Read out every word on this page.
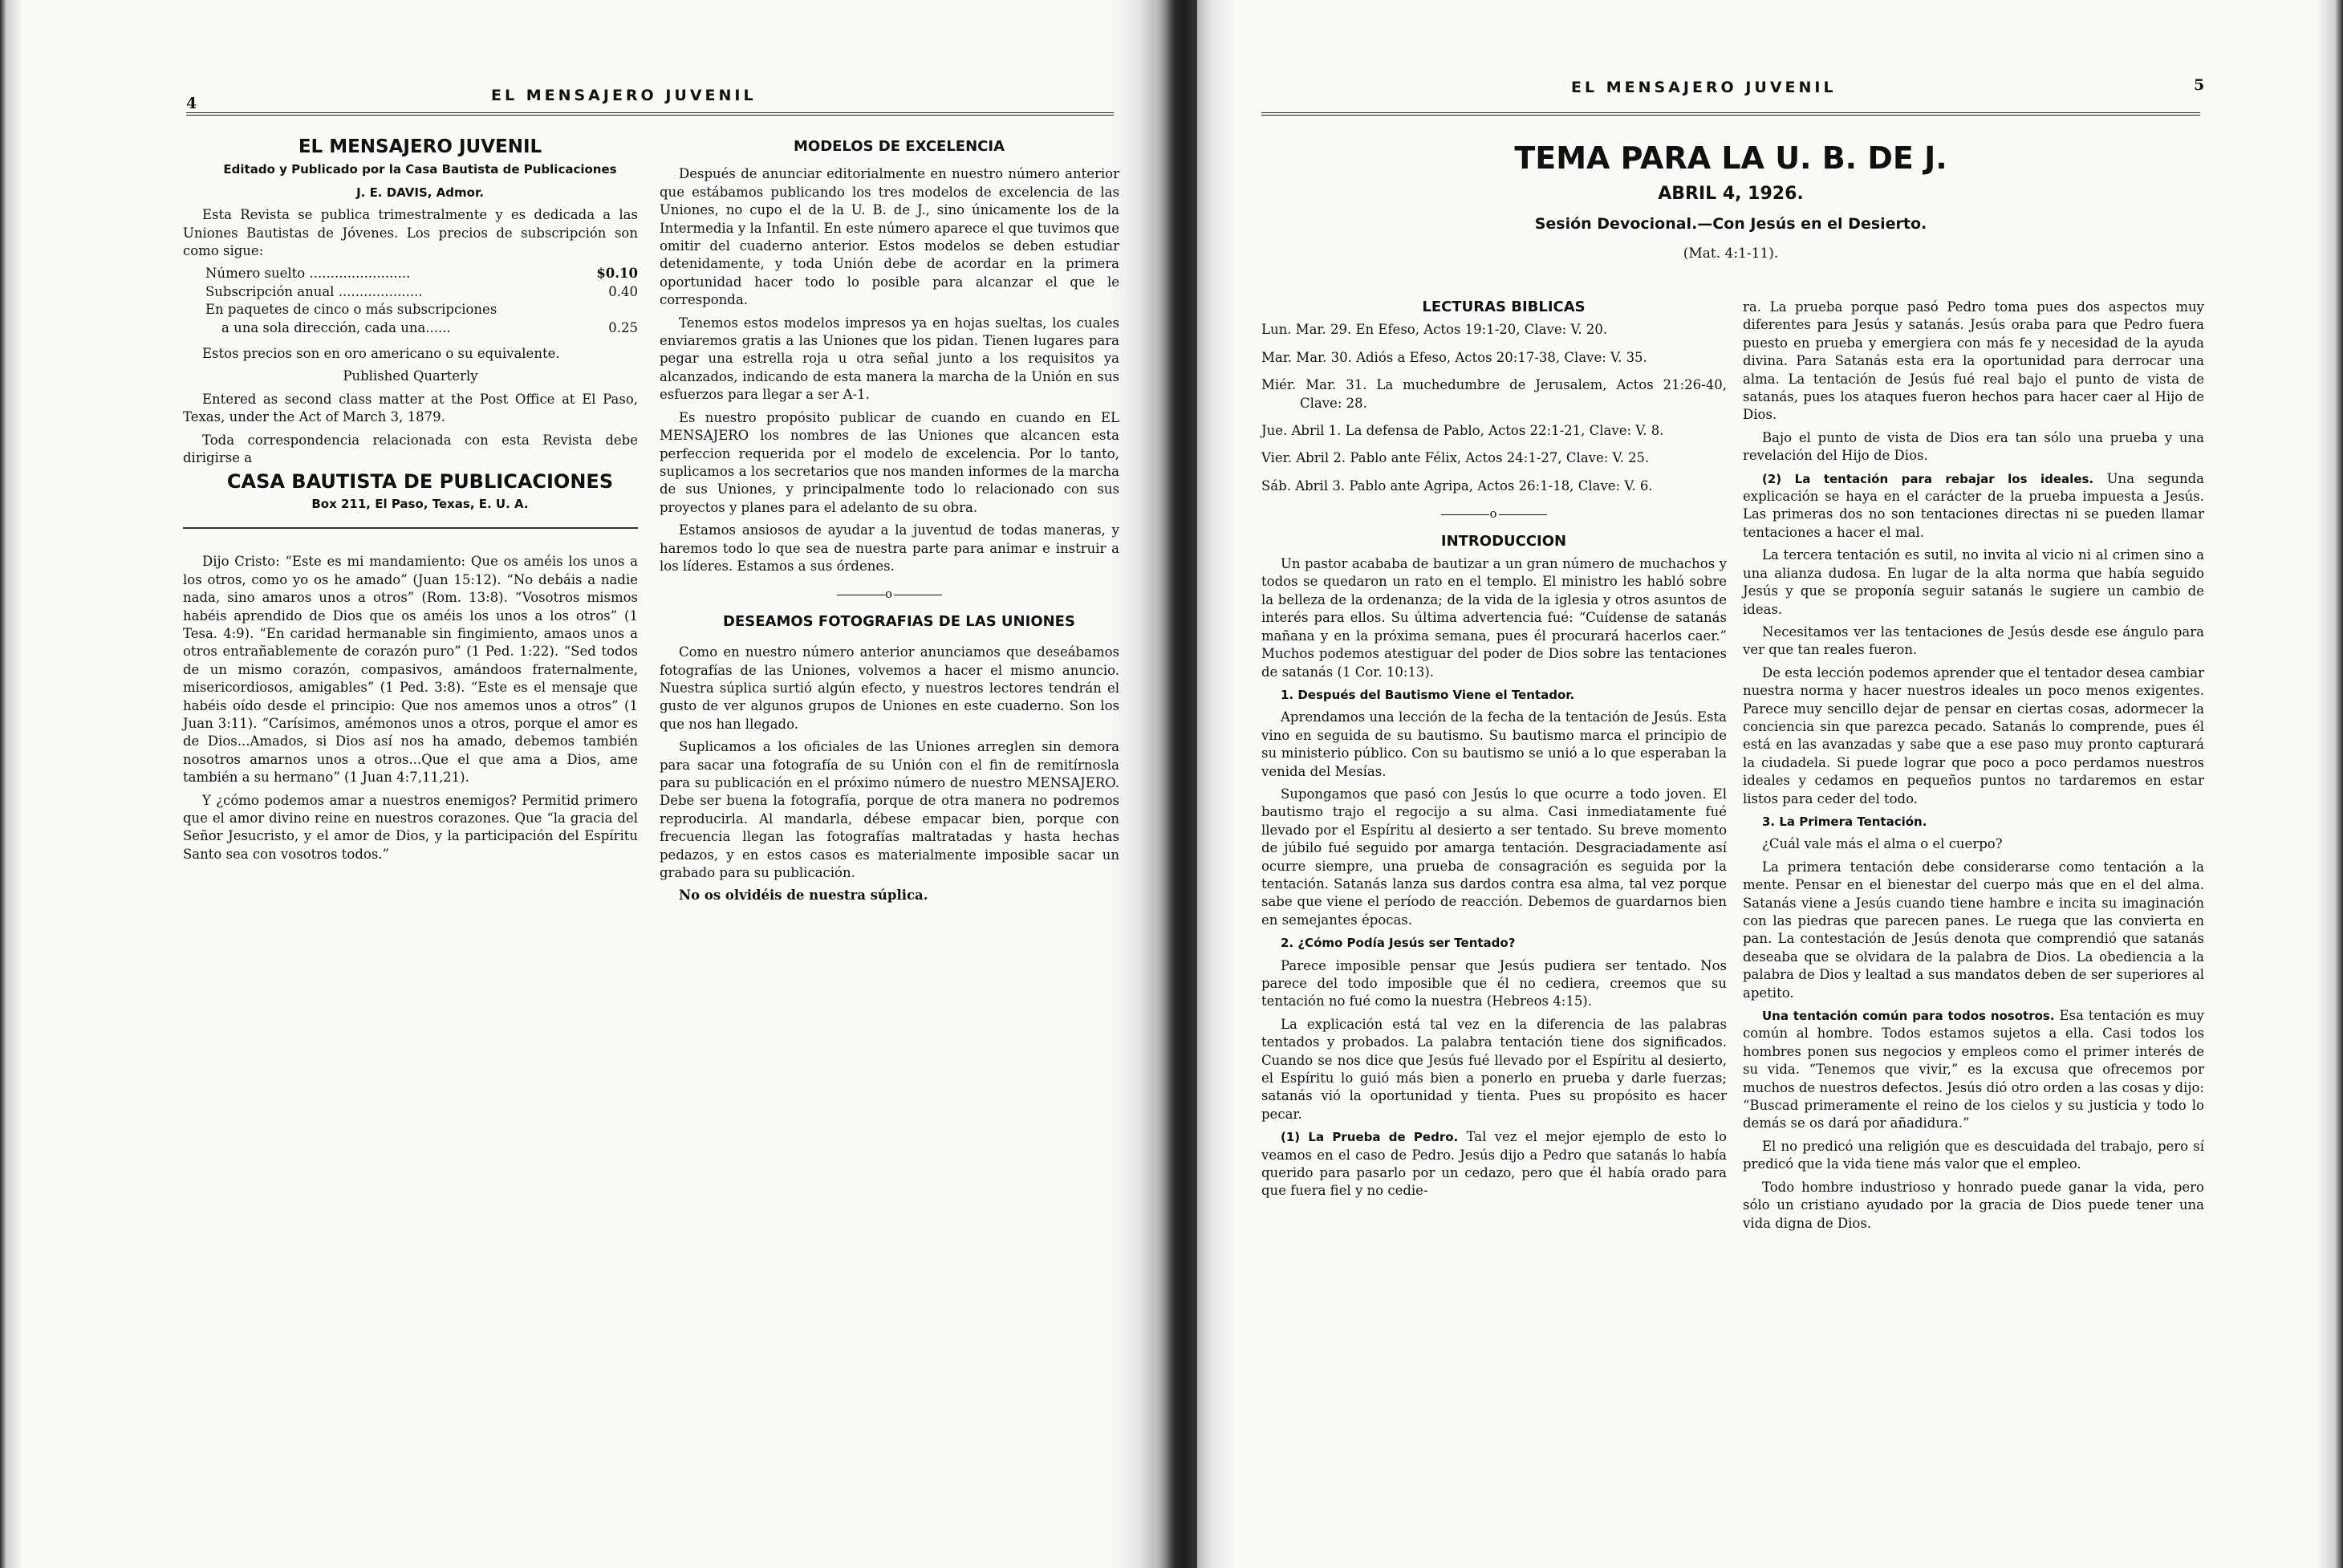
4	EL MENSAJERO JUVENIL

EL MENSAJERO JUVENIL

Editado y Publicado por la Casa Bautista de Publicaciones

J. E. DAVIS, Admor.

Esta Revista se publica trimestralmente y es dedicada a las Uniones Bautistas de Jóvenes. Los precios de subscripción son como sigue:

Número suelto ........................	$0.10
Subscripción anual ....................	0.40
En paquetes de cinco o más subscripciones
a una sola dirección, cada una......	0.25

Estos precios son en oro americano o su equivalente.

Published Quarterly

Entered as second class matter at the Post Office at El Paso, Texas, under the Act of March 3, 1879.

Toda correspondencia relacionada con esta Revista debe dirigirse a

CASA BAUTISTA DE PUBLICACIONES

Box 211, El Paso, Texas, E. U. A.

Dijo Cristo: “Este es mi mandamiento: Que os améis los unos a los otros, como yo os he amado” (Juan 15:12). “No debáis a nadie nada, sino amaros unos a otros” (Rom. 13:8). “Vosotros mismos habéis aprendido de Dios que os améis los unos a los otros” (1 Tesa. 4:9). “En caridad hermanable sin fingimiento, amaos unos a otros entrañablemente de corazón puro” (1 Ped. 1:22). “Sed todos de un mismo corazón, compasivos, amándoos fraternalmente, misericordiosos, amigables” (1 Ped. 3:8). “Este es el mensaje que habéis oído desde el principio: Que nos amemos unos a otros” (1 Juan 3:11). “Carísimos, amémonos unos a otros, porque el amor es de Dios...Amados, si Dios así nos ha amado, debemos también nosotros amarnos unos a otros...Que el que ama a Dios, ame también a su hermano” (1 Juan 4:7,11,21).

Y ¿cómo podemos amar a nuestros enemigos? Permitid primero que el amor divino reine en nuestros corazones. Que “la gracia del Señor Jesucristo, y el amor de Dios, y la participación del Espíritu Santo sea con vosotros todos.”

MODELOS DE EXCELENCIA

Después de anunciar editorialmente en nuestro número anterior que estábamos publicando los tres modelos de excelencia de las Uniones, no cupo el de la U. B. de J., sino únicamente los de la Intermedia y la Infantil. En este número aparece el que tuvimos que omitir del cuaderno anterior. Estos modelos se deben estudiar detenidamente, y toda Unión debe de acordar en la primera oportunidad hacer todo lo posible para alcanzar el que le corresponda.

Tenemos estos modelos impresos ya en hojas sueltas, los cuales enviaremos gratis a las Uniones que los pidan. Tienen lugares para pegar una estrella roja u otra señal junto a los requisitos ya alcanzados, indicando de esta manera la marcha de la Unión en sus esfuerzos para llegar a ser A-1.

Es nuestro propósito publicar de cuando en cuando en EL MENSAJERO los nombres de las Uniones que alcancen esta perfeccion requerida por el modelo de excelencia. Por lo tanto, suplicamos a los secretarios que nos manden informes de la marcha de sus Uniones, y principalmente todo lo relacionado con sus proyectos y planes para el adelanto de su obra.

Estamos ansiosos de ayudar a la juventud de todas maneras, y haremos todo lo que sea de nuestra parte para animar e instruir a los líderes. Estamos a sus órdenes.

o

DESEAMOS FOTOGRAFIAS DE LAS UNIONES

Como en nuestro número anterior anunciamos que deseábamos fotografías de las Uniones, volvemos a hacer el mismo anuncio. Nuestra súplica surtió algún efecto, y nuestros lectores tendrán el gusto de ver algunos grupos de Uniones en este cuaderno. Son los que nos han llegado.

Suplicamos a los oficiales de las Uniones arreglen sin demora para sacar una fotografía de su Unión con el fin de remitírnosla para su publicación en el próximo número de nuestro MENSAJERO. Debe ser buena la fotografía, porque de otra manera no podremos reproducirla. Al mandarla, débese empacar bien, porque con frecuencia llegan las fotografías maltratadas y hasta hechas pedazos, y en estos casos es materialmente imposible sacar un grabado para su publicación.

No os olvidéis de nuestra súplica.

EL MENSAJERO JUVENIL	5
TEMA PARA LA U. B. DE J.
ABRIL 4, 1926.
Sesión Devocional.—Con Jesús en el Desierto.
(Mat. 4:1-11).

LECTURAS BIBLICAS

Lun. Mar. 29. En Efeso, Actos 19:1-20, Clave: V. 20.

Mar. Mar. 30. Adiós a Efeso, Actos 20:17-38, Clave: V. 35.

Miér. Mar. 31. La muchedumbre de Jerusalem, Actos 21:26-40, Clave: 28.

Jue. Abril 1. La defensa de Pablo, Actos 22:1-21, Clave: V. 8.

Vier. Abril 2. Pablo ante Félix, Actos 24:1-27, Clave: V. 25.

Sáb. Abril 3. Pablo ante Agripa, Actos 26:1-18, Clave: V. 6.

o

INTRODUCCION

Un pastor acababa de bautizar a un gran número de muchachos y todos se quedaron un rato en el templo. El ministro les habló sobre la belleza de la ordenanza; de la vida de la iglesia y otros asuntos de interés para ellos. Su última advertencia fué: “Cuídense de satanás mañana y en la próxima semana, pues él procurará hacerlos caer.” Muchos podemos atestiguar del poder de Dios sobre las tentaciones de satanás (1 Cor. 10:13).

1. Después del Bautismo Viene el Tentador.

Aprendamos una lección de la fecha de la tentación de Jesús. Esta vino en seguida de su bautismo. Su bautismo marca el principio de su ministerio público. Con su bautismo se unió a lo que esperaban la venida del Mesías.

Supongamos que pasó con Jesús lo que ocurre a todo joven. El bautismo trajo el regocijo a su alma. Casi inmediatamente fué llevado por el Espíritu al desierto a ser tentado. Su breve momento de júbilo fué seguido por amarga tentación. Desgraciadamente así ocurre siempre, una prueba de consagración es seguida por la tentación. Satanás lanza sus dardos contra esa alma, tal vez porque sabe que viene el período de reacción. Debemos de guardarnos bien en semejantes épocas.

2. ¿Cómo Podía Jesús ser Tentado?

Parece imposible pensar que Jesús pudiera ser tentado. Nos parece del todo imposible que él no cediera, creemos que su tentación no fué como la nuestra (Hebreos 4:15).

La explicación está tal vez en la diferencia de las palabras tentados y probados. La palabra tentación tiene dos significados. Cuando se nos dice que Jesús fué llevado por el Espíritu al desierto, el Espíritu lo guió más bien a ponerlo en prueba y darle fuerzas; satanás vió la oportunidad y tienta. Pues su propósito es hacer pecar.

(1) La Prueba de Pedro. Tal vez el mejor ejemplo de esto lo veamos en el caso de Pedro. Jesús dijo a Pedro que satanás lo había querido para pasarlo por un cedazo, pero que él había orado para que fuera fiel y no cedie-

ra. La prueba porque pasó Pedro toma pues dos aspectos muy diferentes para Jesús y satanás. Jesús oraba para que Pedro fuera puesto en prueba y emergiera con más fe y necesidad de la ayuda divina. Para Satanás esta era la oportunidad para derrocar una alma. La tentación de Jesús fué real bajo el punto de vista de satanás, pues los ataques fueron hechos para hacer caer al Hijo de Dios.

Bajo el punto de vista de Dios era tan sólo una prueba y una revelación del Hijo de Dios.

(2) La tentación para rebajar los ideales. Una segunda explicación se haya en el carácter de la prueba impuesta a Jesús. Las primeras dos no son tentaciones directas ni se pueden llamar tentaciones a hacer el mal.

La tercera tentación es sutil, no invita al vicio ni al crimen sino a una alianza dudosa. En lugar de la alta norma que había seguido Jesús y que se proponía seguir satanás le sugiere un cambio de ideas.

Necesitamos ver las tentaciones de Jesús desde ese ángulo para ver que tan reales fueron.

De esta lección podemos aprender que el tentador desea cambiar nuestra norma y hacer nuestros ideales un poco menos exigentes. Parece muy sencillo dejar de pensar en ciertas cosas, adormecer la conciencia sin que parezca pecado. Satanás lo comprende, pues él está en las avanzadas y sabe que a ese paso muy pronto capturará la ciudadela. Si puede lograr que poco a poco perdamos nuestros ideales y cedamos en pequeños puntos no tardaremos en estar listos para ceder del todo.

3. La Primera Tentación.

¿Cuál vale más el alma o el cuerpo?

La primera tentación debe considerarse como tentación a la mente. Pensar en el bienestar del cuerpo más que en el del alma. Satanás viene a Jesús cuando tiene hambre e incita su imaginación con las piedras que parecen panes. Le ruega que las convierta en pan. La contestación de Jesús denota que comprendió que satanás deseaba que se olvidara de la palabra de Dios. La obediencia a la palabra de Dios y lealtad a sus mandatos deben de ser superiores al apetito.

Una tentación común para todos nosotros. Esa tentación es muy común al hombre. Todos estamos sujetos a ella. Casi todos los hombres ponen sus negocios y empleos como el primer interés de su vida. “Tenemos que vivir,” es la excusa que ofrecemos por muchos de nuestros defectos. Jesús dió otro orden a las cosas y dijo: “Buscad primeramente el reino de los cielos y su justicia y todo lo demás se os dará por añadidura.”

El no predicó una religión que es descuidada del trabajo, pero sí predicó que la vida tiene más valor que el empleo.

Todo hombre industrioso y honrado puede ganar la vida, pero sólo un cristiano ayudado por la gracia de Dios puede tener una vida digna de Dios.
